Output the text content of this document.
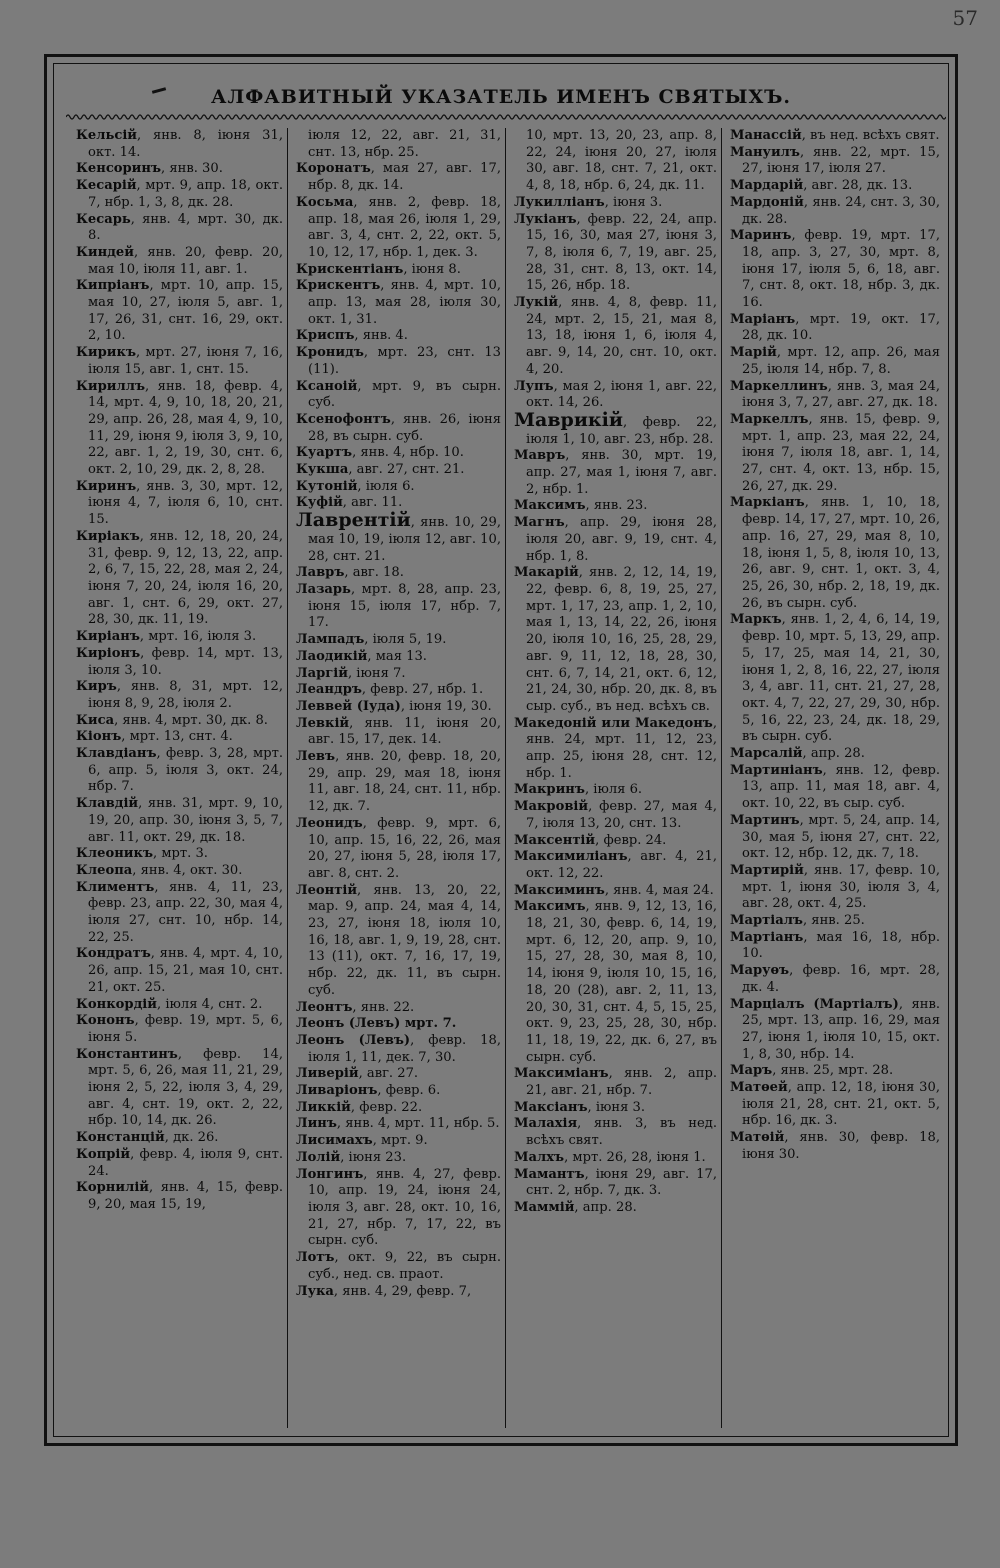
57
АЛФАВИТНЫЙ УКАЗАТЕЛЬ ИМЕНЪ СВЯТЫХЪ.

Кельсій, янв. 8, іюня 31, окт. 14.

Кенсоринъ, янв. 30.

Кесарій, мрт. 9, апр. 18, окт. 7, нбр. 1, 3, 8, дк. 28.

Кесарь, янв. 4, мрт. 30, дк. 8.

Киндей, янв. 20, февр. 20, мая 10, іюля 11, авг. 1.

Кипріанъ, мрт. 10, апр. 15, мая 10, 27, іюля 5, авг. 1, 17, 26, 31, снт. 16, 29, окт. 2, 10.

Кирикъ, мрт. 27, іюня 7, 16, іюля 15, авг. 1, снт. 15.

Кириллъ, янв. 18, февр. 4, 14, мрт. 4, 9, 10, 18, 20, 21, 29, апр. 26, 28, мая 4, 9, 10, 11, 29, іюня 9, іюля 3, 9, 10, 22, авг. 1, 2, 19, 30, снт. 6, окт. 2, 10, 29, дк. 2, 8, 28.

Киринъ, янв. 3, 30, мрт. 12, іюня 4, 7, іюля 6, 10, снт. 15.

Киріакъ, янв. 12, 18, 20, 24, 31, февр. 9, 12, 13, 22, апр. 2, 6, 7, 15, 22, 28, мая 2, 24, іюня 7, 20, 24, іюля 16, 20, авг. 1, снт. 6, 29, окт. 27, 28, 30, дк. 11, 19.

Киріанъ, мрт. 16, іюля 3.

Киріонъ, февр. 14, мрт. 13, іюля 3, 10.

Киръ, янв. 8, 31, мрт. 12, іюня 8, 9, 28, іюля 2.

Киса, янв. 4, мрт. 30, дк. 8.

Кіонъ, мрт. 13, снт. 4.

Клавдіанъ, февр. 3, 28, мрт. 6, апр. 5, іюля 3, окт. 24, нбр. 7.

Клавдій, янв. 31, мрт. 9, 10, 19, 20, апр. 30, іюня 3, 5, 7, авг. 11, окт. 29, дк. 18.

Клеоникъ, мрт. 3.

Клеопа, янв. 4, окт. 30.

Климентъ, янв. 4, 11, 23, февр. 23, апр. 22, 30, мая 4, іюля 27, снт. 10, нбр. 14, 22, 25.

Кондратъ, янв. 4, мрт. 4, 10, 26, апр. 15, 21, мая 10, снт. 21, окт. 25.

Конкордій, іюля 4, снт. 2.

Кононъ, февр. 19, мрт. 5, 6, іюня 5.

Константинъ, февр. 14, мрт. 5, 6, 26, мая 11, 21, 29, іюня 2, 5, 22, іюля 3, 4, 29, авг. 4, снт. 19, окт. 2, 22, нбр. 10, 14, дк. 26.

Констанцій, дк. 26.

Копрій, февр. 4, іюля 9, снт. 24.

Корнилій, янв. 4, 15, февр. 9, 20, мая 15, 19,

іюля 12, 22, авг. 21, 31, снт. 13, нбр. 25.

Коронатъ, мая 27, авг. 17, нбр. 8, дк. 14.

Косьма, янв. 2, февр. 18, апр. 18, мая 26, іюля 1, 29, авг. 3, 4, снт. 2, 22, окт. 5, 10, 12, 17, нбр. 1, дек. 3.

Крискентіанъ, іюня 8.

Крискентъ, янв. 4, мрт. 10, апр. 13, мая 28, іюля 30, окт. 1, 31.

Криспъ, янв. 4.

Кронидъ, мрт. 23, снт. 13 (11).

Ксаноій, мрт. 9, въ сырн. суб.

Ксенофонтъ, янв. 26, іюня 28, въ сырн. суб.

Куартъ, янв. 4, нбр. 10.

Кукша, авг. 27, снт. 21.

Кутоній, іюля 6.

Куфій, авг. 11.

Лаврентій, янв. 10, 29, мая 10, 19, іюля 12, авг. 10, 28, снт. 21.

Лавръ, авг. 18.

Лазарь, мрт. 8, 28, апр. 23, іюня 15, іюля 17, нбр. 7, 17.

Лампадъ, іюля 5, 19.

Лаодикій, мая 13.

Ларгій, іюня 7.

Леандръ, февр. 27, нбр. 1.

Леввей (Іуда), іюня 19, 30.

Левкій, янв. 11, іюня 20, авг. 15, 17, дек. 14.

Левъ, янв. 20, февр. 18, 20, 29, апр. 29, мая 18, іюня 11, авг. 18, 24, снт. 11, нбр. 12, дк. 7.

Леонидъ, февр. 9, мрт. 6, 10, апр. 15, 16, 22, 26, мая 20, 27, іюня 5, 28, іюля 17, авг. 8, снт. 2.

Леонтій, янв. 13, 20, 22, мар. 9, апр. 24, мая 4, 14, 23, 27, іюня 18, іюля 10, 16, 18, авг. 1, 9, 19, 28, снт. 13 (11), окт. 7, 16, 17, 19, нбр. 22, дк. 11, въ сырн. суб.

Леонтъ, янв. 22.

Леонъ (Левъ) мрт. 7.

Леонъ (Левъ), февр. 18, іюля 1, 11, дек. 7, 30.

Ливерій, авг. 27.

Ливаріонъ, февр. 6.

Ликкій, февр. 22.

Линъ, янв. 4, мрт. 11, нбр. 5.

Лисимахъ, мрт. 9.

Лолій, іюня 23.

Лонгинъ, янв. 4, 27, февр. 10, апр. 19, 24, іюня 24, іюля 3, авг. 28, окт. 10, 16, 21, 27, нбр. 7, 17, 22, въ сырн. суб.

Лотъ, окт. 9, 22, въ сырн. суб., нед. св. праот.

Лука, янв. 4, 29, февр. 7,

10, мрт. 13, 20, 23, апр. 8, 22, 24, іюня 20, 27, іюля 30, авг. 18, снт. 7, 21, окт. 4, 8, 18, нбр. 6, 24, дк. 11.

Лукилліанъ, іюня 3.

Лукіанъ, февр. 22, 24, апр. 15, 16, 30, мая 27, іюня 3, 7, 8, іюля 6, 7, 19, авг. 25, 28, 31, снт. 8, 13, окт. 14, 15, 26, нбр. 18.

Лукій, янв. 4, 8, февр. 11, 24, мрт. 2, 15, 21, мая 8, 13, 18, іюня 1, 6, іюля 4, авг. 9, 14, 20, снт. 10, окт. 4, 20.

Лупъ, мая 2, іюня 1, авг. 22, окт. 14, 26.

Маврикій, февр. 22, іюля 1, 10, авг. 23, нбр. 28.

Мавръ, янв. 30, мрт. 19, апр. 27, мая 1, іюня 7, авг. 2, нбр. 1.

Максимъ, янв. 23.

Магнъ, апр. 29, іюня 28, іюля 20, авг. 9, 19, снт. 4, нбр. 1, 8.

Макарій, янв. 2, 12, 14, 19, 22, февр. 6, 8, 19, 25, 27, мрт. 1, 17, 23, апр. 1, 2, 10, мая 1, 13, 14, 22, 26, іюня 20, іюля 10, 16, 25, 28, 29, авг. 9, 11, 12, 18, 28, 30, снт. 6, 7, 14, 21, окт. 6, 12, 21, 24, 30, нбр. 20, дк. 8, въ сыр. суб., въ нед. всѣхъ св.

Македоній или Македонъ, янв. 24, мрт. 11, 12, 23, апр. 25, іюня 28, снт. 12, нбр. 1.

Макринъ, іюля 6.

Макровій, февр. 27, мая 4, 7, іюля 13, 20, снт. 13.

Максентій, февр. 24.

Максимиліанъ, авг. 4, 21, окт. 12, 22.

Максиминъ, янв. 4, мая 24.

Максимъ, янв. 9, 12, 13, 16, 18, 21, 30, февр. 6, 14, 19, мрт. 6, 12, 20, апр. 9, 10, 15, 27, 28, 30, мая 8, 10, 14, іюня 9, іюля 10, 15, 16, 18, 20 (28), авг. 2, 11, 13, 20, 30, 31, снт. 4, 5, 15, 25, окт. 9, 23, 25, 28, 30, нбр. 11, 18, 19, 22, дк. 6, 27, въ сырн. суб.

Максиміанъ, янв. 2, апр. 21, авг. 21, нбр. 7.

Максіанъ, іюня 3.

Малахія, янв. 3, въ нед. всѣхъ свят.

Малхъ, мрт. 26, 28, іюня 1.

Мамантъ, іюня 29, авг. 17, снт. 2, нбр. 7, дк. 3.

Маммій, апр. 28.

Манассій, въ нед. всѣхъ свят.

Мануилъ, янв. 22, мрт. 15, 27, іюня 17, іюля 27.

Мардарій, авг. 28, дк. 13.

Мардоній, янв. 24, снт. 3, 30, дк. 28.

Маринъ, февр. 19, мрт. 17, 18, апр. 3, 27, 30, мрт. 8, іюня 17, іюля 5, 6, 18, авг. 7, снт. 8, окт. 18, нбр. 3, дк. 16.

Маріанъ, мрт. 19, окт. 17, 28, дк. 10.

Марій, мрт. 12, апр. 26, мая 25, іюля 14, нбр. 7, 8.

Маркеллинъ, янв. 3, мая 24, іюня 3, 7, 27, авг. 27, дк. 18.

Маркеллъ, янв. 15, февр. 9, мрт. 1, апр. 23, мая 22, 24, іюня 7, іюля 18, авг. 1, 14, 27, снт. 4, окт. 13, нбр. 15, 26, 27, дк. 29.

Маркіанъ, янв. 1, 10, 18, февр. 14, 17, 27, мрт. 10, 26, апр. 16, 27, 29, мая 8, 10, 18, іюня 1, 5, 8, іюля 10, 13, 26, авг. 9, снт. 1, окт. 3, 4, 25, 26, 30, нбр. 2, 18, 19, дк. 26, въ сырн. суб.

Маркъ, янв. 1, 2, 4, 6, 14, 19, февр. 10, мрт. 5, 13, 29, апр. 5, 17, 25, мая 14, 21, 30, іюня 1, 2, 8, 16, 22, 27, іюля 3, 4, авг. 11, снт. 21, 27, 28, окт. 4, 7, 22, 27, 29, 30, нбр. 5, 16, 22, 23, 24, дк. 18, 29, въ сырн. суб.

Марсалій, апр. 28.

Мартиніанъ, янв. 12, февр. 13, апр. 11, мая 18, авг. 4, окт. 10, 22, въ сыр. суб.

Мартинъ, мрт. 5, 24, апр. 14, 30, мая 5, іюня 27, снт. 22, окт. 12, нбр. 12, дк. 7, 18.

Мартирій, янв. 17, февр. 10, мрт. 1, іюня 30, іюля 3, 4, авг. 28, окт. 4, 25.

Мартіалъ, янв. 25.

Мартіанъ, мая 16, 18, нбр. 10.

Маруѳъ, февр. 16, мрт. 28, дк. 4.

Марціалъ (Мартіалъ), янв. 25, мрт. 13, апр. 16, 29, мая 27, іюня 1, іюля 10, 15, окт. 1, 8, 30, нбр. 14.

Маръ, янв. 25, мрт. 28.

Матѳей, апр. 12, 18, іюня 30, іюля 21, 28, снт. 21, окт. 5, нбр. 16, дк. 3.

Матѳій, янв. 30, февр. 18, іюня 30.
